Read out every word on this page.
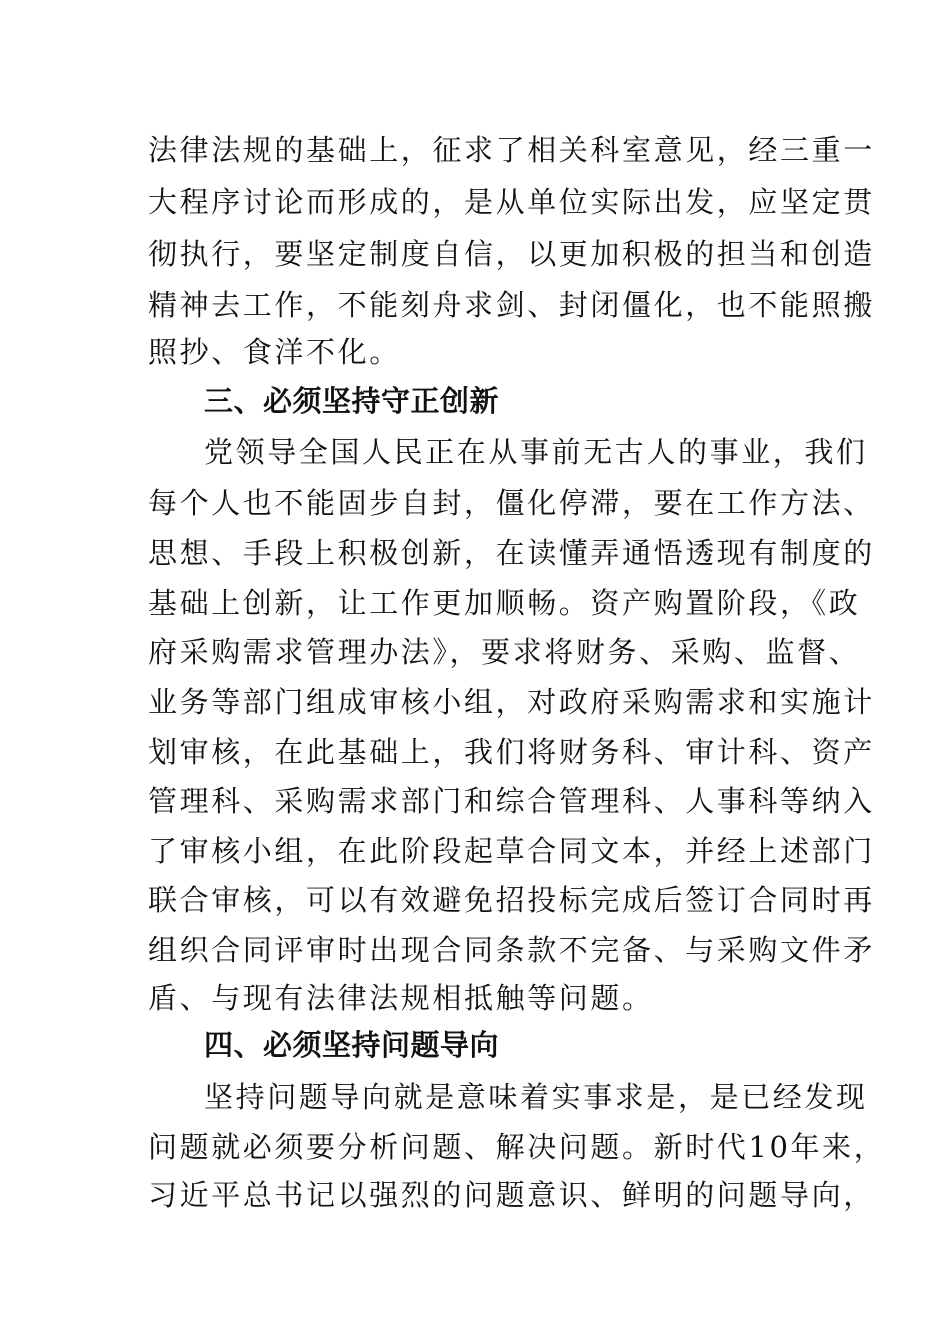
法律法规的基础上，征求了相关科室意见，经三重一
大程序讨论而形成的，是从单位实际出发，应坚定贯
彻执行，要坚定制度自信，以更加积极的担当和创造
精神去工作，不能刻舟求剑、封闭僵化，也不能照搬
照抄、食洋不化。
三、必须坚持守正创新
党领导全国人民正在从事前无古人的事业，我们
每个人也不能固步自封，僵化停滞，要在工作方法、
思想、手段上积极创新，在读懂弄通悟透现有制度的
基础上创新，让工作更加顺畅。资产购置阶段，《政
府采购需求管理办法》，要求将财务、采购、监督、
业务等部门组成审核小组，对政府采购需求和实施计
划审核，在此基础上，我们将财务科、审计科、资产
管理科、采购需求部门和综合管理科、人事科等纳入
了审核小组，在此阶段起草合同文本，并经上述部门
联合审核，可以有效避免招投标完成后签订合同时再
组织合同评审时出现合同条款不完备、与采购文件矛
盾、与现有法律法规相抵触等问题。
四、必须坚持问题导向
坚持问题导向就是意味着实事求是，是已经发现
问题就必须要分析问题、解决问题。新时代10年来，
习近平总书记以强烈的问题意识、鲜明的问题导向，
